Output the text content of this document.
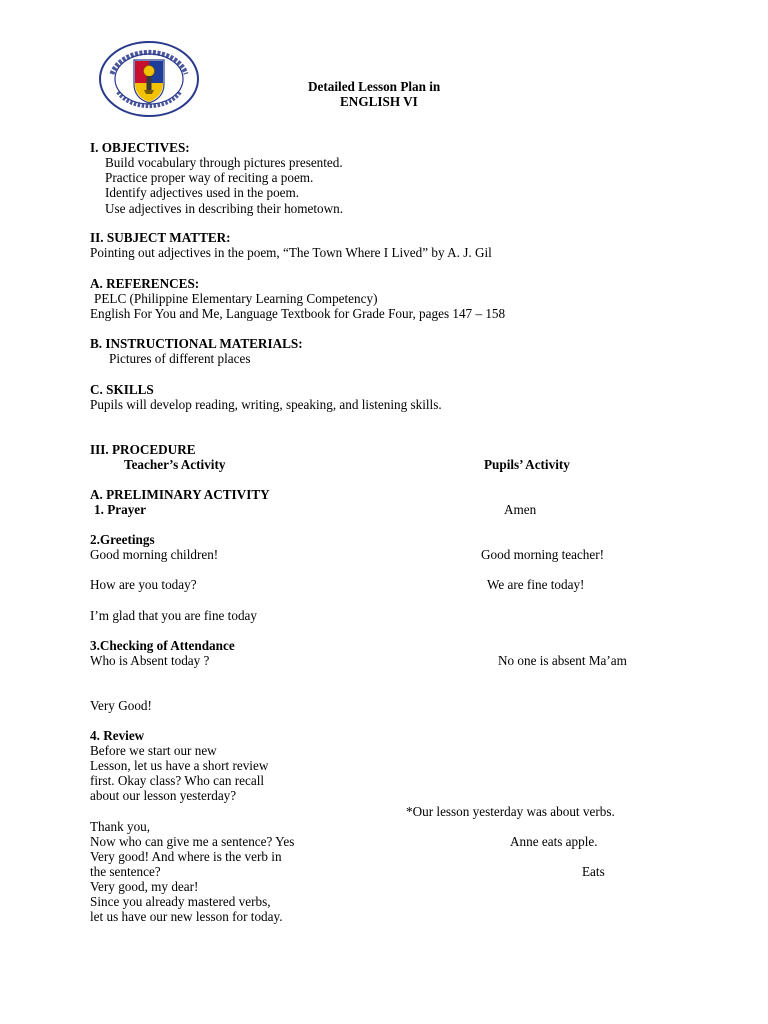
Detailed Lesson Plan in
ENGLISH VI
I. OBJECTIVES:
Build vocabulary through pictures presented.
Practice proper way of reciting a poem.
Identify adjectives used in the poem.
Use adjectives in describing their hometown.
II. SUBJECT MATTER:
Pointing out adjectives in the poem, “The Town Where I Lived” by A. J. Gil
A. REFERENCES:
PELC (Philippine Elementary Learning Competency)
English For You and Me, Language Textbook for Grade Four, pages 147 – 158
B. INSTRUCTIONAL MATERIALS:
Pictures of different places
C. SKILLS
Pupils will develop reading, writing, speaking, and listening skills.
III. PROCEDURE
Teacher’s Activity	Pupils’ Activity
A. PRELIMINARY ACTIVITY
1. Prayer	Amen
2.Greetings
Good morning children!	Good morning teacher!
How are you today?	We are fine today!
I’m glad that you are fine today
3.Checking of Attendance
Who is Absent today ?	No one is absent Ma’am
Very Good!
4. Review
Before we start our new
Lesson, let us have a short review
first. Okay class? Who can recall
about our lesson yesterday?
*Our lesson yesterday was about verbs.
Thank you,
Now who can give me a sentence? Yes	Anne eats apple.
Very good! And where is the verb in
the sentence?	Eats
Very good, my dear!
Since you already mastered verbs,
let us have our new lesson for today.
